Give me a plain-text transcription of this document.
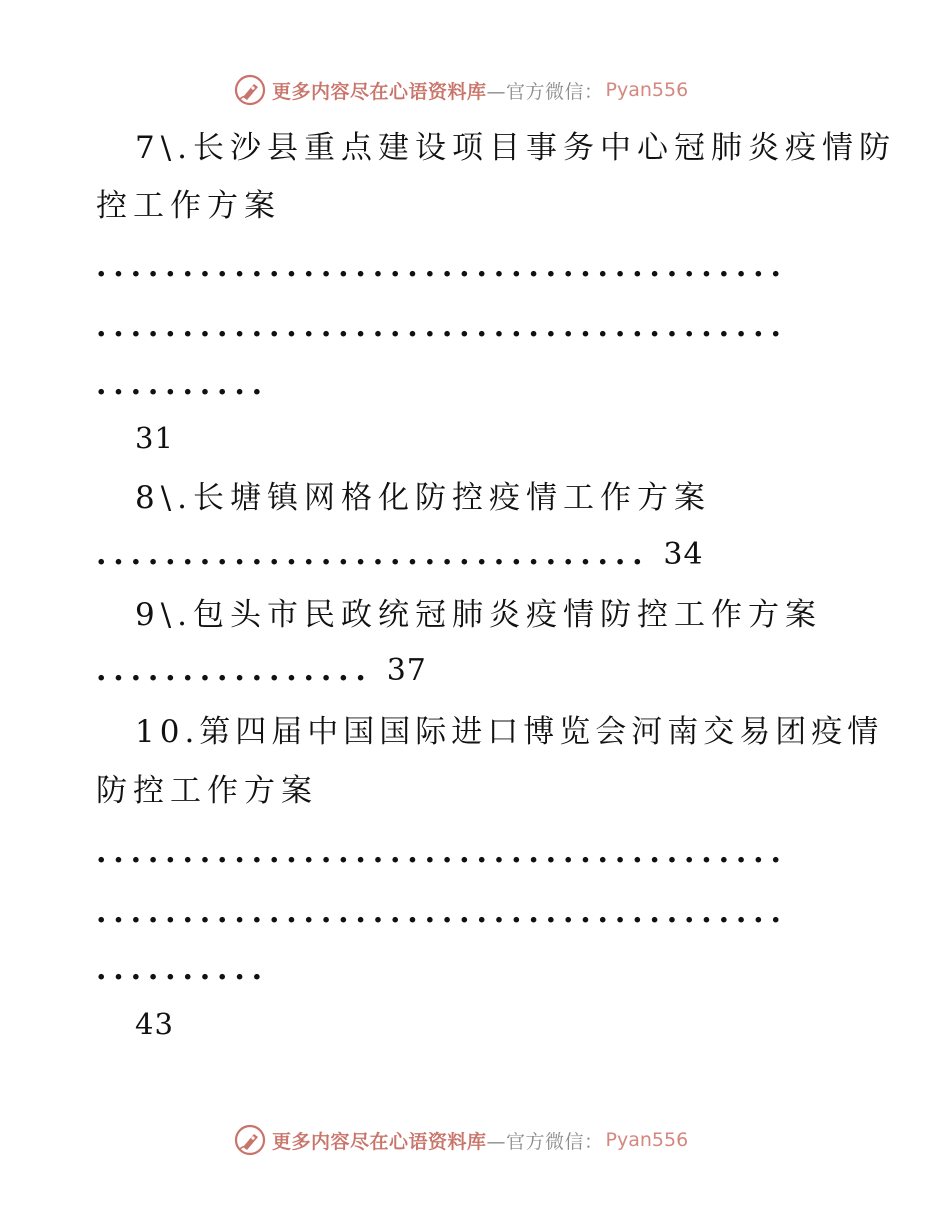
更多内容尽在心语资料库 —官方微信： Pyan556
7\.长沙县重点建设项目事务中心冠肺炎疫情防
控工作方案
........................................
........................................
..........
31
8\.长塘镇网格化防控疫情工作方案
................................ 34
9\.包头市民政统冠肺炎疫情防控工作方案
................ 37
10.第四届中国国际进口博览会河南交易团疫情
防控工作方案
........................................
........................................
..........
43
更多内容尽在心语资料库 —官方微信： Pyan556
